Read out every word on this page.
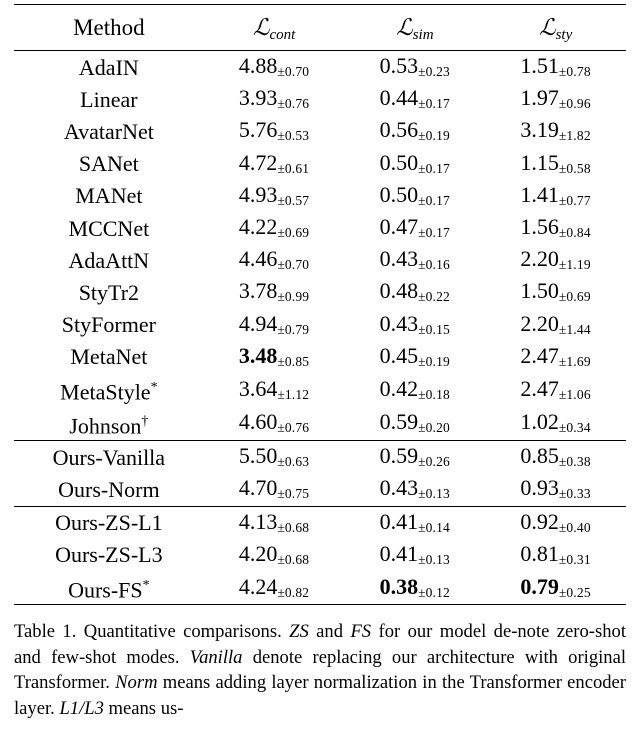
Method	ℒcont	ℒsim	ℒsty

AdaIN	4.88±0.70	0.53±0.23	1.51±0.78
Linear	3.93±0.76	0.44±0.17	1.97±0.96
AvatarNet	5.76±0.53	0.56±0.19	3.19±1.82
SANet	4.72±0.61	0.50±0.17	1.15±0.58
MANet	4.93±0.57	0.50±0.17	1.41±0.77
MCCNet	4.22±0.69	0.47±0.17	1.56±0.84
AdaAttN	4.46±0.70	0.43±0.16	2.20±1.19
StyTr2	3.78±0.99	0.48±0.22	1.50±0.69
StyFormer	4.94±0.79	0.43±0.15	2.20±1.44
MetaNet	3.48±0.85	0.45±0.19	2.47±1.69
MetaStyle*	3.64±1.12	0.42±0.18	2.47±1.06
Johnson†	4.60±0.76	0.59±0.20	1.02±0.34
Ours-Vanilla	5.50±0.63	0.59±0.26	0.85±0.38
Ours-Norm	4.70±0.75	0.43±0.13	0.93±0.33
Ours-ZS-L1	4.13±0.68	0.41±0.14	0.92±0.40
Ours-ZS-L3	4.20±0.68	0.41±0.13	0.81±0.31
Ours-FS*	4.24±0.82	0.38±0.12	0.79±0.25
Table 1. Quantitative comparisons. ZS and FS for our model de-note zero-shot and few-shot modes. Vanilla denote replacing our architecture with original Transformer. Norm means adding layer normalization in the Transformer encoder layer. L1/L3 means us-
